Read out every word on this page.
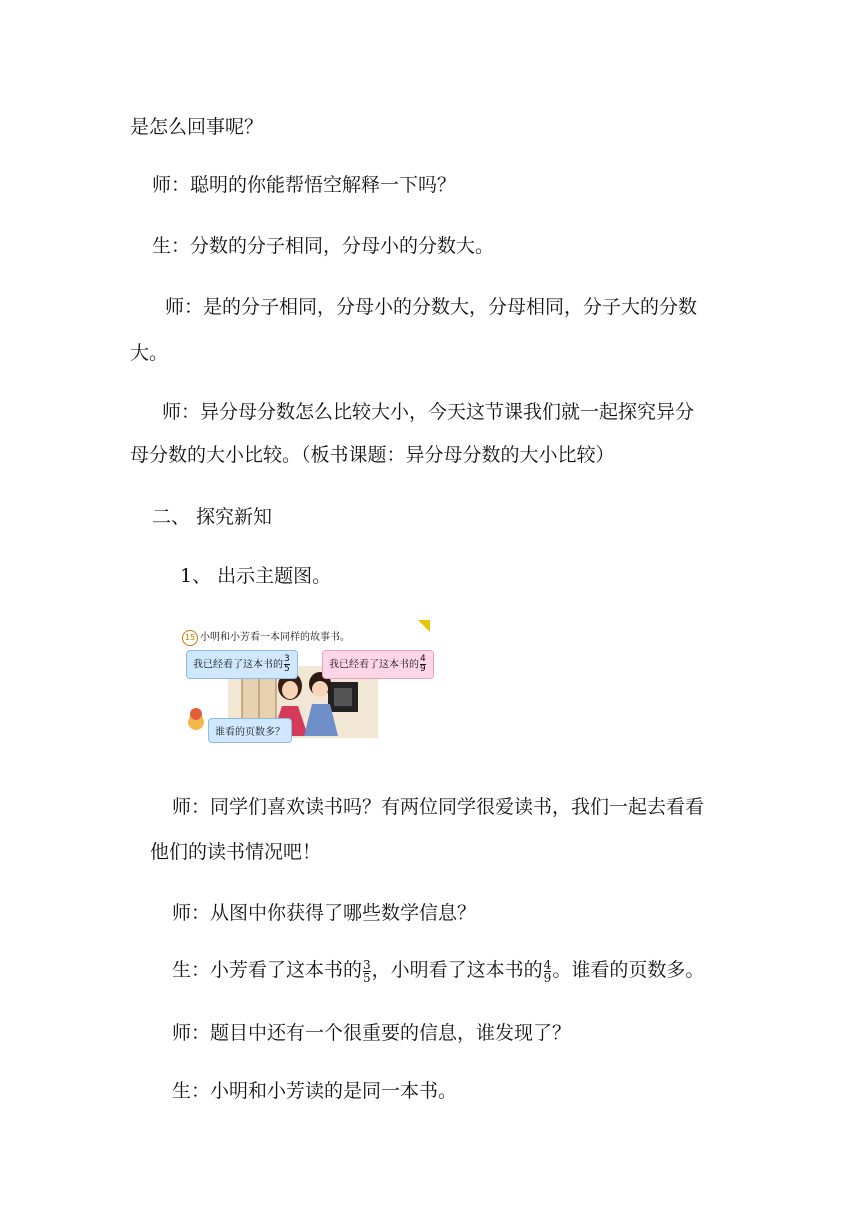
是怎么回事呢？
师：聪明的你能帮悟空解释一下吗？
生：分数的分子相同，分母小的分数大。
师：是的分子相同，分母小的分数大，分母相同，分子大的分数
大。
师：异分母分数怎么比较大小，今天这节课我们就一起探究异分
母分数的大小比较。（板书课题：异分母分数的大小比较）
二、 探究新知
1、 出示主题图。
15 小明和小芳看一本同样的故事书。
我已经看了这本书的 $\frac{3}{5}$	我已经看了这本书的 $\frac{4}{9}$
谁看的页数多？
师：同学们喜欢读书吗？有两位同学很爱读书，我们一起去看看
他们的读书情况吧！
师：从图中你获得了哪些数学信息？
生：小芳看了这本书的 $\frac{3}{5}$ ，小明看了这本书的 $\frac{4}{9}$ 。谁看的页数多。
师：题目中还有一个很重要的信息，谁发现了？
生：小明和小芳读的是同一本书。
